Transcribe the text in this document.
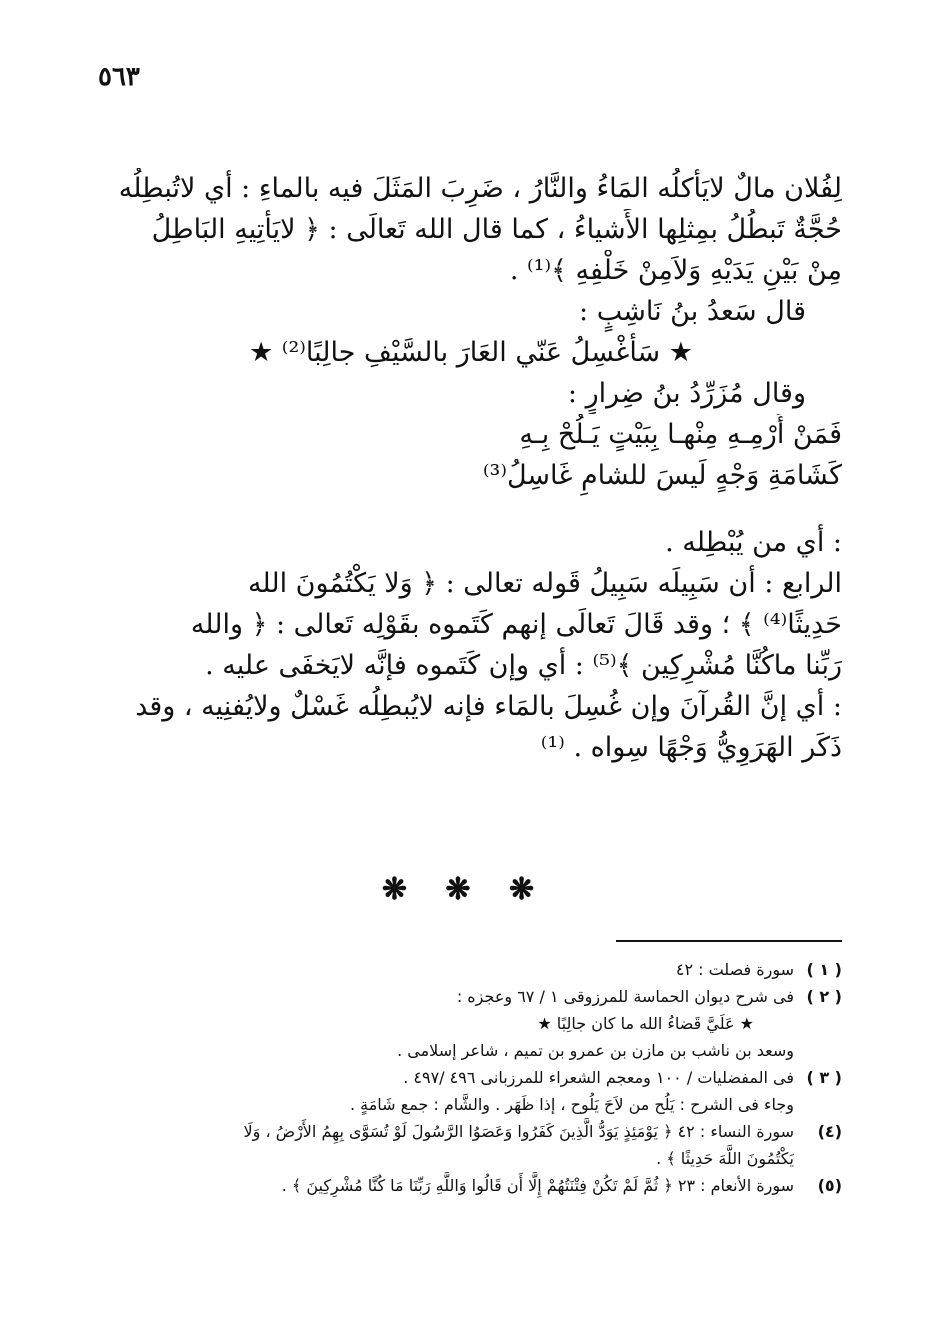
٥٦٣
لِفُلان مالٌ لايَأكلُه المَاءُ والنَّارُ ، ضَرِبَ المَثَلَ فيه بالماءِ : أي لاتُبطِلُه
حُجَّةٌ تَبطُلُ بمِثلِها الأَشياءُ ، كما قال الله تَعالَى : ﴿ لايَأْتِيهِ البَاطِلُ
مِنْ بَيْنِ يَدَيْهِ وَلاَمِنْ خَلْفِهِ ﴾⁽¹⁾ .
قال سَعدُ بنُ نَاشِبٍ :
★ سَأَغْسِلُ عَنّي العَارَ بالسَّيْفِ جالِبًا⁽²⁾ ★
وقال مُزَرِّدُ بنُ ضِرارٍ :
فَمَنْ أَرْمِـهِ مِنْهـا بِبَيْتٍ يَـلُحْ بِـهِ
كَشَامَةِ وَجْهٍ لَيسَ للشامِ غَاسِلُ⁽³⁾
: أي من يُبْطِله .
الرابع : أن سَبِيلَه سَبِيلُ قَوله تعالى : ﴿ وَلا يَكْتُمُونَ الله
حَدِيثًا⁽⁴⁾ ﴾ ؛ وقد قَالَ تَعالَى إنهم كَتَموه بقَوْلِه تَعالى : ﴿ والله
رَبِّنا ماكُنَّا مُشْرِكِين ﴾⁽⁵⁾ : أي وإن كَتَموه فإنَّه لايَخفَى عليه .
: أي إنَّ القُرآنَ وإن غُسِلَ بالمَاء فإنه لايُبطِلُه غَسْلٌ ولايُفنِيه ، وقد
ذَكَر الهَرَوِيُّ وَجْهًا سِواه . ⁽¹⁾
❋ ❋ ❋
( ١ )
سورة فصلت : ٤٢
( ٢ )
فى شرح ديوان الحماسة للمرزوقى ١ / ٦٧ وعجزه :
★ عَلَيَّ قَضاءُ الله ما كان جالِبًا ★
وسعد بن ناشب بن مازن بن عمرو بن تميم ، شاعر إسلامى .
( ٣ )
فى المفضليات / ١٠٠ ومعجم الشعراء للمرزبانى ٤٩٦ /٤٩٧ .
وجاء فى الشرح : يَلُح من لاَحَ يَلُوح ، إذا ظَهَر . والشَّام : جمع شَامَةٍ .
(٤)
سورة النساء : ٤٢ ﴿ يَوْمَئِذٍ يَوَدُّ الَّذِينَ كَفَرُوا وَعَصَوُا الرَّسُولَ لَوْ تُسَوَّى بِهِمُ الأَرْضُ ، وَلَا
يَكْتُمُونَ اللَّهَ حَدِيثًا ﴾ .
(٥)
سورة الأنعام : ٢٣ ﴿ ثُمَّ لَمْ تَكُنْ فِتْنَتُهُمْ إِلَّا أَن قَالُوا وَاللَّهِ رَبِّنَا مَا كُنَّا مُشْرِكِينَ ﴾ .
